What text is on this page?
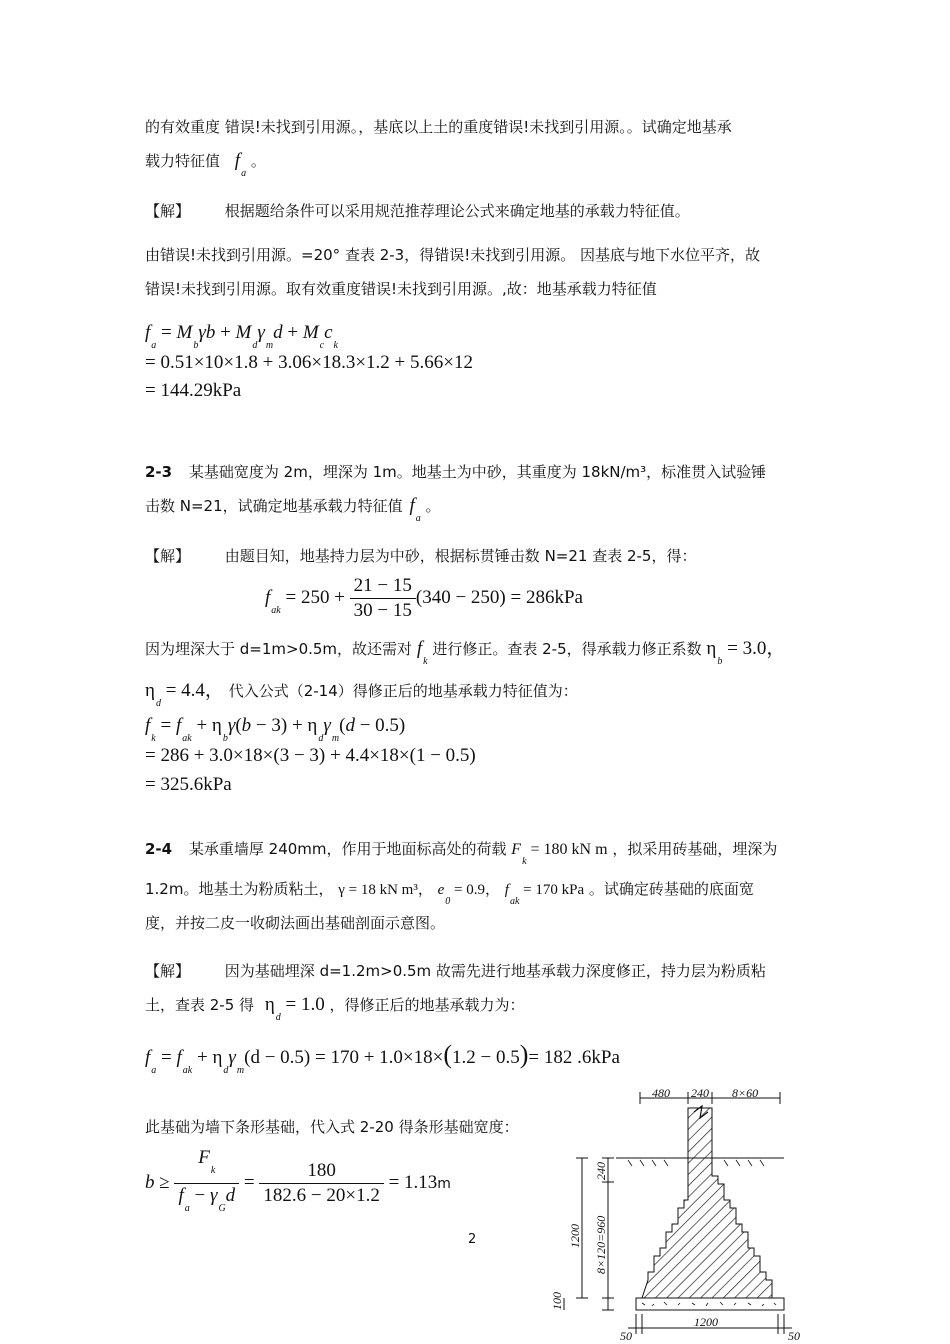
的有效重度 错误!未找到引用源。，基底以上土的重度错误!未找到引用源。。试确定地基承
载力特征值 $f_a$ 。
【解】 根据题给条件可以采用规范推荐理论公式来确定地基的承载力特征值。
由错误!未找到引用源。=20° 查表 2-3，得错误!未找到引用源。 因基底与地下水位平齐，故
错误!未找到引用源。取有效重度错误!未找到引用源。,故：地基承载力特征值
$f_a = M_b\gamma b + M_d\gamma_md + M_cc_k$
= 0.51×10×1.8 + 3.06×18.3×1.2 + 5.66×12
= 144.29kPa
2-3 某基础宽度为 2m，埋深为 1m。地基土为中砂，其重度为 18kN/m³，标准贯入试验锤
击数 N=21，试确定地基承载力特征值 $f_a$ 。
【解】 由题目知，地基持力层为中砂，根据标贯锤击数 N=21 查表 2-5，得：
$f_{ak} = 250 + \frac{21 - 15}{30 - 15} (340 - 250) = 286kPa$
因为埋深大于 d=1m>0.5m，故还需对 $f_k$ 进行修正。查表 2-5，得承载力修正系数 $\eta_b = 3.0$，
$\eta_d = 4.4$， 代入公式（2-14）得修正后的地基承载力特征值为：
$f_k = f_{ak} + \eta_b\gamma(b - 3) + \eta_d\gamma_m(d - 0.5)$
= 286 + 3.0×18×(3 − 3) + 4.4×18×(1 − 0.5)
= 325.6kPa
2-4 某承重墙厚 240mm，作用于地面标高处的荷载 $F_k = 180$ kN m ，拟采用砖基础，埋深为
1.2m。地基土为粉质粘土， γ = 18 kN m³， $e_0 = 0.9$， $f_{ak} = 170$ kPa 。试确定砖基础的底面宽
度，并按二皮一收砌法画出基础剖面示意图。
【解】 因为基础埋深 d=1.2m>0.5m 故需先进行地基承载力深度修正，持力层为粉质粘
土，查表 2-5 得 $\eta_d = 1.0$ ，得修正后的地基承载力为：
$f_a = f_{ak} + \eta_d\gamma_m(d - 0.5) = 170 + 1.0\times 18\times(1.2 - 0.5)= 182$ .6kPa
此基础为墙下条形基础，代入式 2-20 得条形基础宽度：
$b \ge \frac{F_k}{f_a - \gamma_Gd} = \frac{180}{182.6 - 20\times 1.2} = 1.13m$
2
480 240 8×60
240
1200 8×120=960
100
50
1200
50
